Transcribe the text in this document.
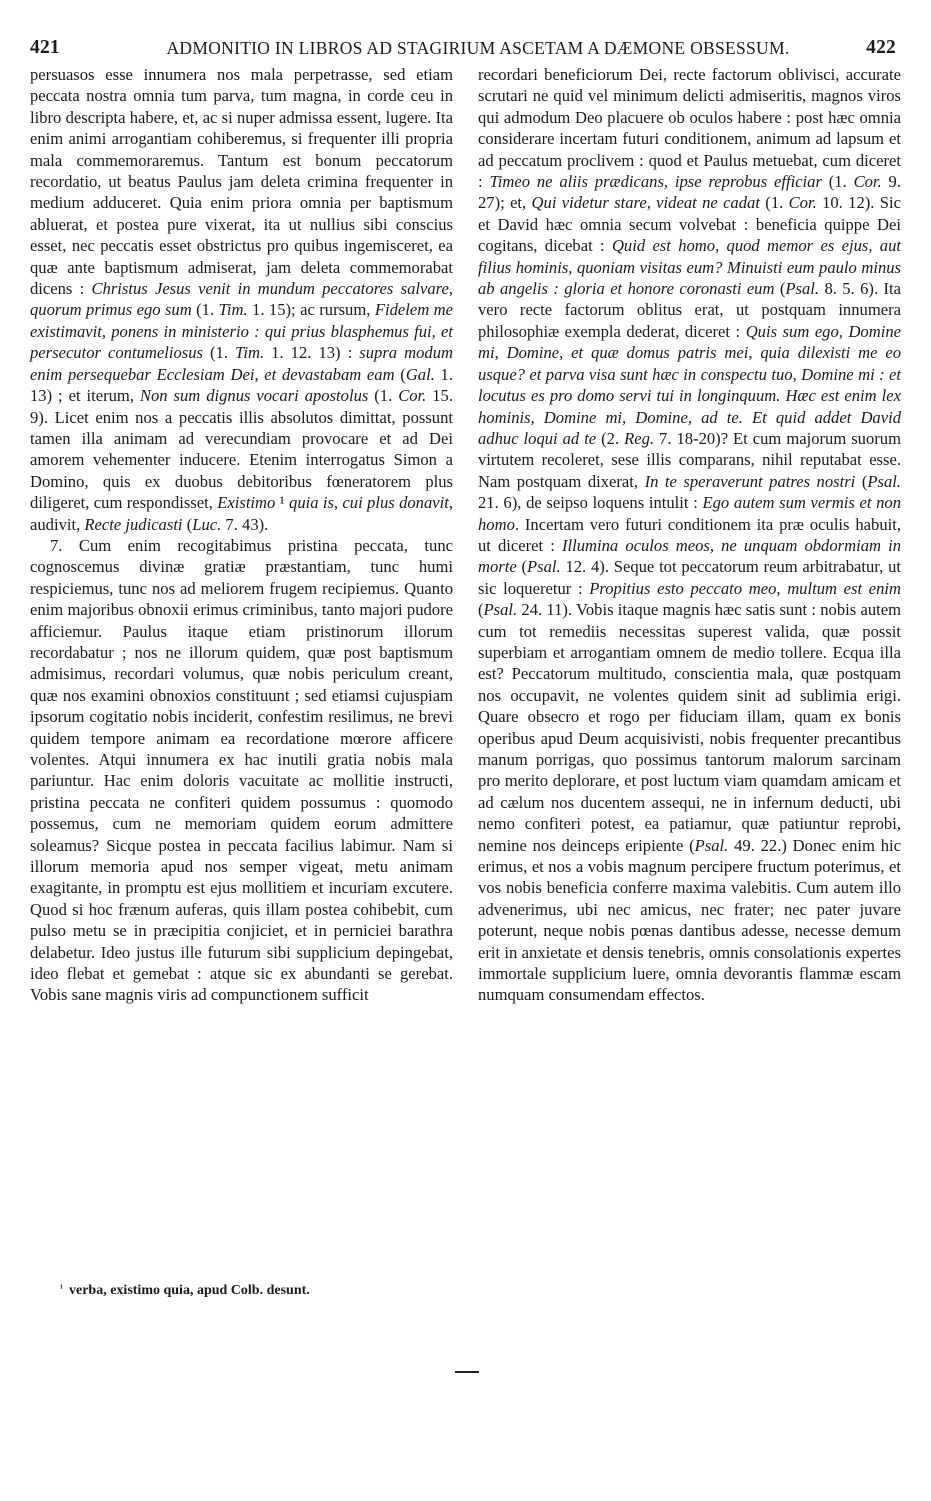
421	ADMONITIO IN LIBROS AD STAGIRIUM ASCETAM A DÆMONE OBSESSUM.	422

persuasos esse innumera nos mala perpetrasse, sed etiam peccata nostra omnia tum parva, tum magna, in corde ceu in libro descripta habere, et, ac si nuper admissa essent, lugere. Ita enim animi arrogantiam cohiberemus, si frequenter illi propria mala commemoraremus. Tantum est bonum peccatorum recordatio, ut beatus Paulus jam deleta crimina frequenter in medium adduceret. Quia enim priora omnia per baptismum abluerat, et postea pure vixerat, ita ut nullius sibi conscius esset, nec peccatis esset obstrictus pro quibus ingemisceret, ea quæ ante baptismum admiserat, jam deleta commemorabat dicens : Christus Jesus venit in mundum peccatores salvare, quorum primus ego sum (1. Tim. 1. 15); ac rursum, Fidelem me existimavit, ponens in ministerio : qui prius blasphemus fui, et persecutor contumeliosus (1. Tim. 1. 12. 13) : supra modum enim persequebar Ecclesiam Dei, et devastabam eam (Gal. 1. 13) ; et iterum, Non sum dignus vocari apostolus (1. Cor. 15. 9). Licet enim nos a peccatis illis absolutos dimittat, possunt tamen illa animam ad verecundiam provocare et ad Dei amorem vehementer inducere. Etenim interrogatus Simon a Domino, quis ex duobus debitoribus fœneratorem plus diligeret, cum respondisset, Existimo ¹ quia is, cui plus donavit, audivit, Recte judicasti (Luc. 7. 43).

7. Cum enim recogitabimus pristina peccata, tunc cognoscemus divinæ gratiæ præstantiam, tunc humi respiciemus, tunc nos ad meliorem frugem recipiemus. Quanto enim majoribus obnoxii erimus criminibus, tanto majori pudore afficiemur. Paulus itaque etiam pristinorum illorum recordabatur ; nos ne illorum quidem, quæ post baptismum admisimus, recordari volumus, quæ nobis periculum creant, quæ nos examini obnoxios constituunt ; sed etiamsi cujuspiam ipsorum cogitatio nobis inciderit, confestim resilimus, ne brevi quidem tempore animam ea recordatione mœrore afficere volentes. Atqui innumera ex hac inutili gratia nobis mala pariuntur. Hac enim doloris vacuitate ac mollitie instructi, pristina peccata ne confiteri quidem possumus : quomodo possemus, cum ne memoriam quidem eorum admittere soleamus? Sicque postea in peccata facilius labimur. Nam si illorum memoria apud nos semper vigeat, metu animam exagitante, in promptu est ejus mollitiem et incuriam excutere. Quod si hoc frænum auferas, quis illam postea cohibebit, cum pulso metu se in præcipitia conjiciet, et in perniciei barathra delabetur. Ideo justus ille futurum sibi supplicium depingebat, ideo flebat et gemebat : atque sic ex abundanti se gerebat. Vobis sane magnis viris ad compunctionem sufficit

recordari beneficiorum Dei, recte factorum oblivisci, accurate scrutari ne quid vel minimum delicti admiseritis, magnos viros qui admodum Deo placuere ob oculos habere : post hæc omnia considerare incertam futuri conditionem, animum ad lapsum et ad peccatum proclivem : quod et Paulus metuebat, cum diceret : Timeo ne aliis prædicans, ipse reprobus efficiar (1. Cor. 9. 27); et, Qui videtur stare, videat ne cadat (1. Cor. 10. 12). Sic et David hæc omnia secum volvebat : beneficia quippe Dei cogitans, dicebat : Quid est homo, quod memor es ejus, aut filius hominis, quoniam visitas eum? Minuisti eum paulo minus ab angelis : gloria et honore coronasti eum (Psal. 8. 5. 6). Ita vero recte factorum oblitus erat, ut postquam innumera philosophiæ exempla dederat, diceret : Quis sum ego, Domine mi, Domine, et quæ domus patris mei, quia dilexisti me eo usque? et parva visa sunt hæc in conspectu tuo, Domine mi : et locutus es pro domo servi tui in longinquum. Hæc est enim lex hominis, Domine mi, Domine, ad te. Et quid addet David adhuc loqui ad te (2. Reg. 7. 18-20)? Et cum majorum suorum virtutem recoleret, sese illis comparans, nihil reputabat esse. Nam postquam dixerat, In te speraverunt patres nostri (Psal. 21. 6), de seipso loquens intulit : Ego autem sum vermis et non homo. Incertam vero futuri conditionem ita præ oculis habuit, ut diceret : Illumina oculos meos, ne unquam obdormiam in morte (Psal. 12. 4). Seque tot peccatorum reum arbitrabatur, ut sic loqueretur : Propitius esto peccato meo, multum est enim (Psal. 24. 11). Vobis itaque magnis hæc satis sunt : nobis autem cum tot remediis necessitas superest valida, quæ possit superbiam et arrogantiam omnem de medio tollere. Ecqua illa est? Peccatorum multitudo, conscientia mala, quæ postquam nos occupavit, ne volentes quidem sinit ad sublimia erigi. Quare obsecro et rogo per fiduciam illam, quam ex bonis operibus apud Deum acquisivisti, nobis frequenter precantibus manum porrigas, quo possimus tantorum malorum sarcinam pro merito deplorare, et post luctum viam quamdam amicam et ad cælum nos ducentem assequi, ne in infernum deducti, ubi nemo confiteri potest, ea patiamur, quæ patiuntur reprobi, nemine nos deinceps eripiente (Psal. 49. 22.) Donec enim hic erimus, et nos a vobis magnum percipere fructum poterimus, et vos nobis beneficia conferre maxima valebitis. Cum autem illo advenerimus, ubi nec amicus, nec frater; nec pater juvare poterunt, neque nobis pœnas dantibus adesse, necesse demum erit in anxietate et densis tenebris, omnis consolationis expertes immortale supplicium luere, omnia devorantis flammæ escam numquam consumendam effectos.

$^{^1}$ verba, existimo quia, apud Colb. desunt.
